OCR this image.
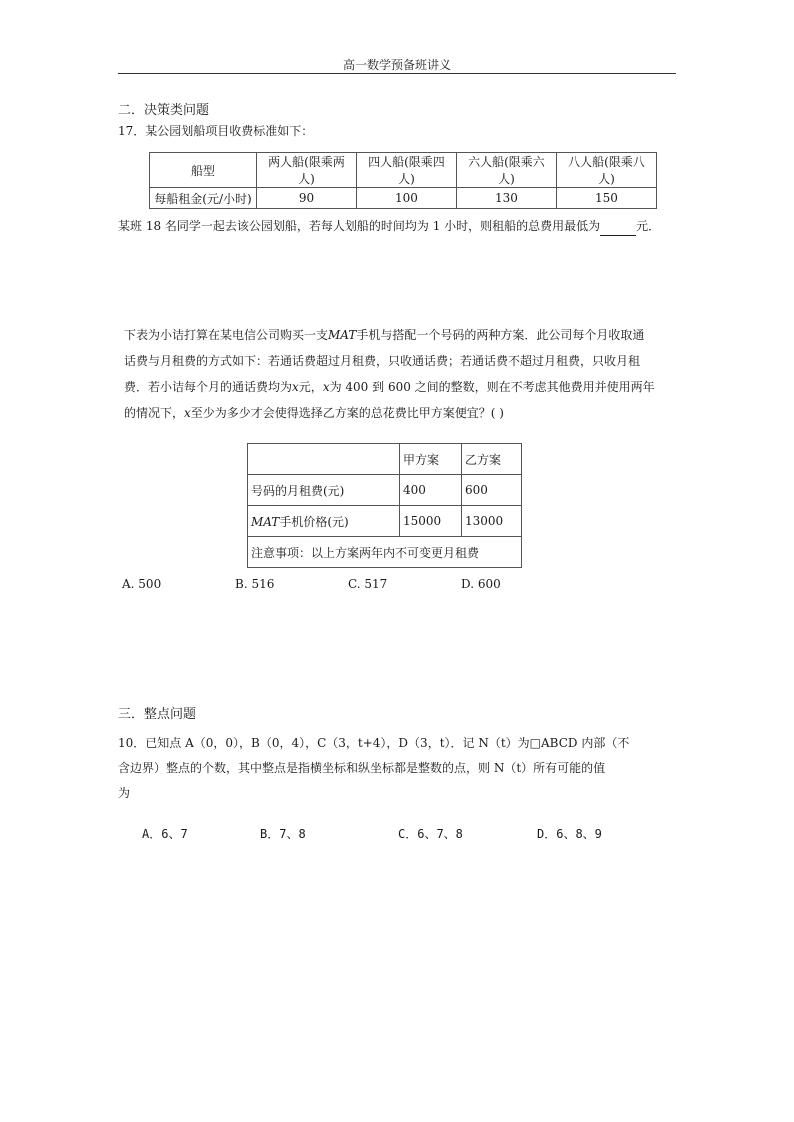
高一数学预备班讲义
二．决策类问题
17．某公园划船项目收费标准如下：
船型	两人船(限乘两人)	四人船(限乘四人)	六人船(限乘六人)	八人船(限乘八人)
每船租金(元/小时)	90	100	130	150
某班 18 名同学一起去该公园划船，若每人划船的时间均为 1 小时，则租船的总费用最低为	元．
下表为小诘打算在某电信公司购买一支MAT手机与搭配一个号码的两种方案．此公司每个月收取通
话费与月租费的方式如下：若通话费超过月租费，只收通话费；若通话费不超过月租费，只收月租
费．若小诘每个月的通话费均为x元，x为 400 到 600 之间的整数，则在不考虑其他费用并使用两年
的情况下，x至少为多少才会使得选择乙方案的总花费比甲方案便宜？( )
	甲方案	乙方案
号码的月租费(元)	400	600
MAT手机价格(元)	15000	13000
注意事项：以上方案两年内不可变更月租费		
A. 500	B. 516	C. 517	D. 600
三．整点问题
10．已知点 A（0，0），B（0，4），C（3，t+4），D（3，t）．记 N（t）为□ABCD 内部（不
含边界）整点的个数，其中整点是指横坐标和纵坐标都是整数的点，则 N（t）所有可能的值
为
A．6、7	B．7、8	C．6、7、8	D．6、8、9
